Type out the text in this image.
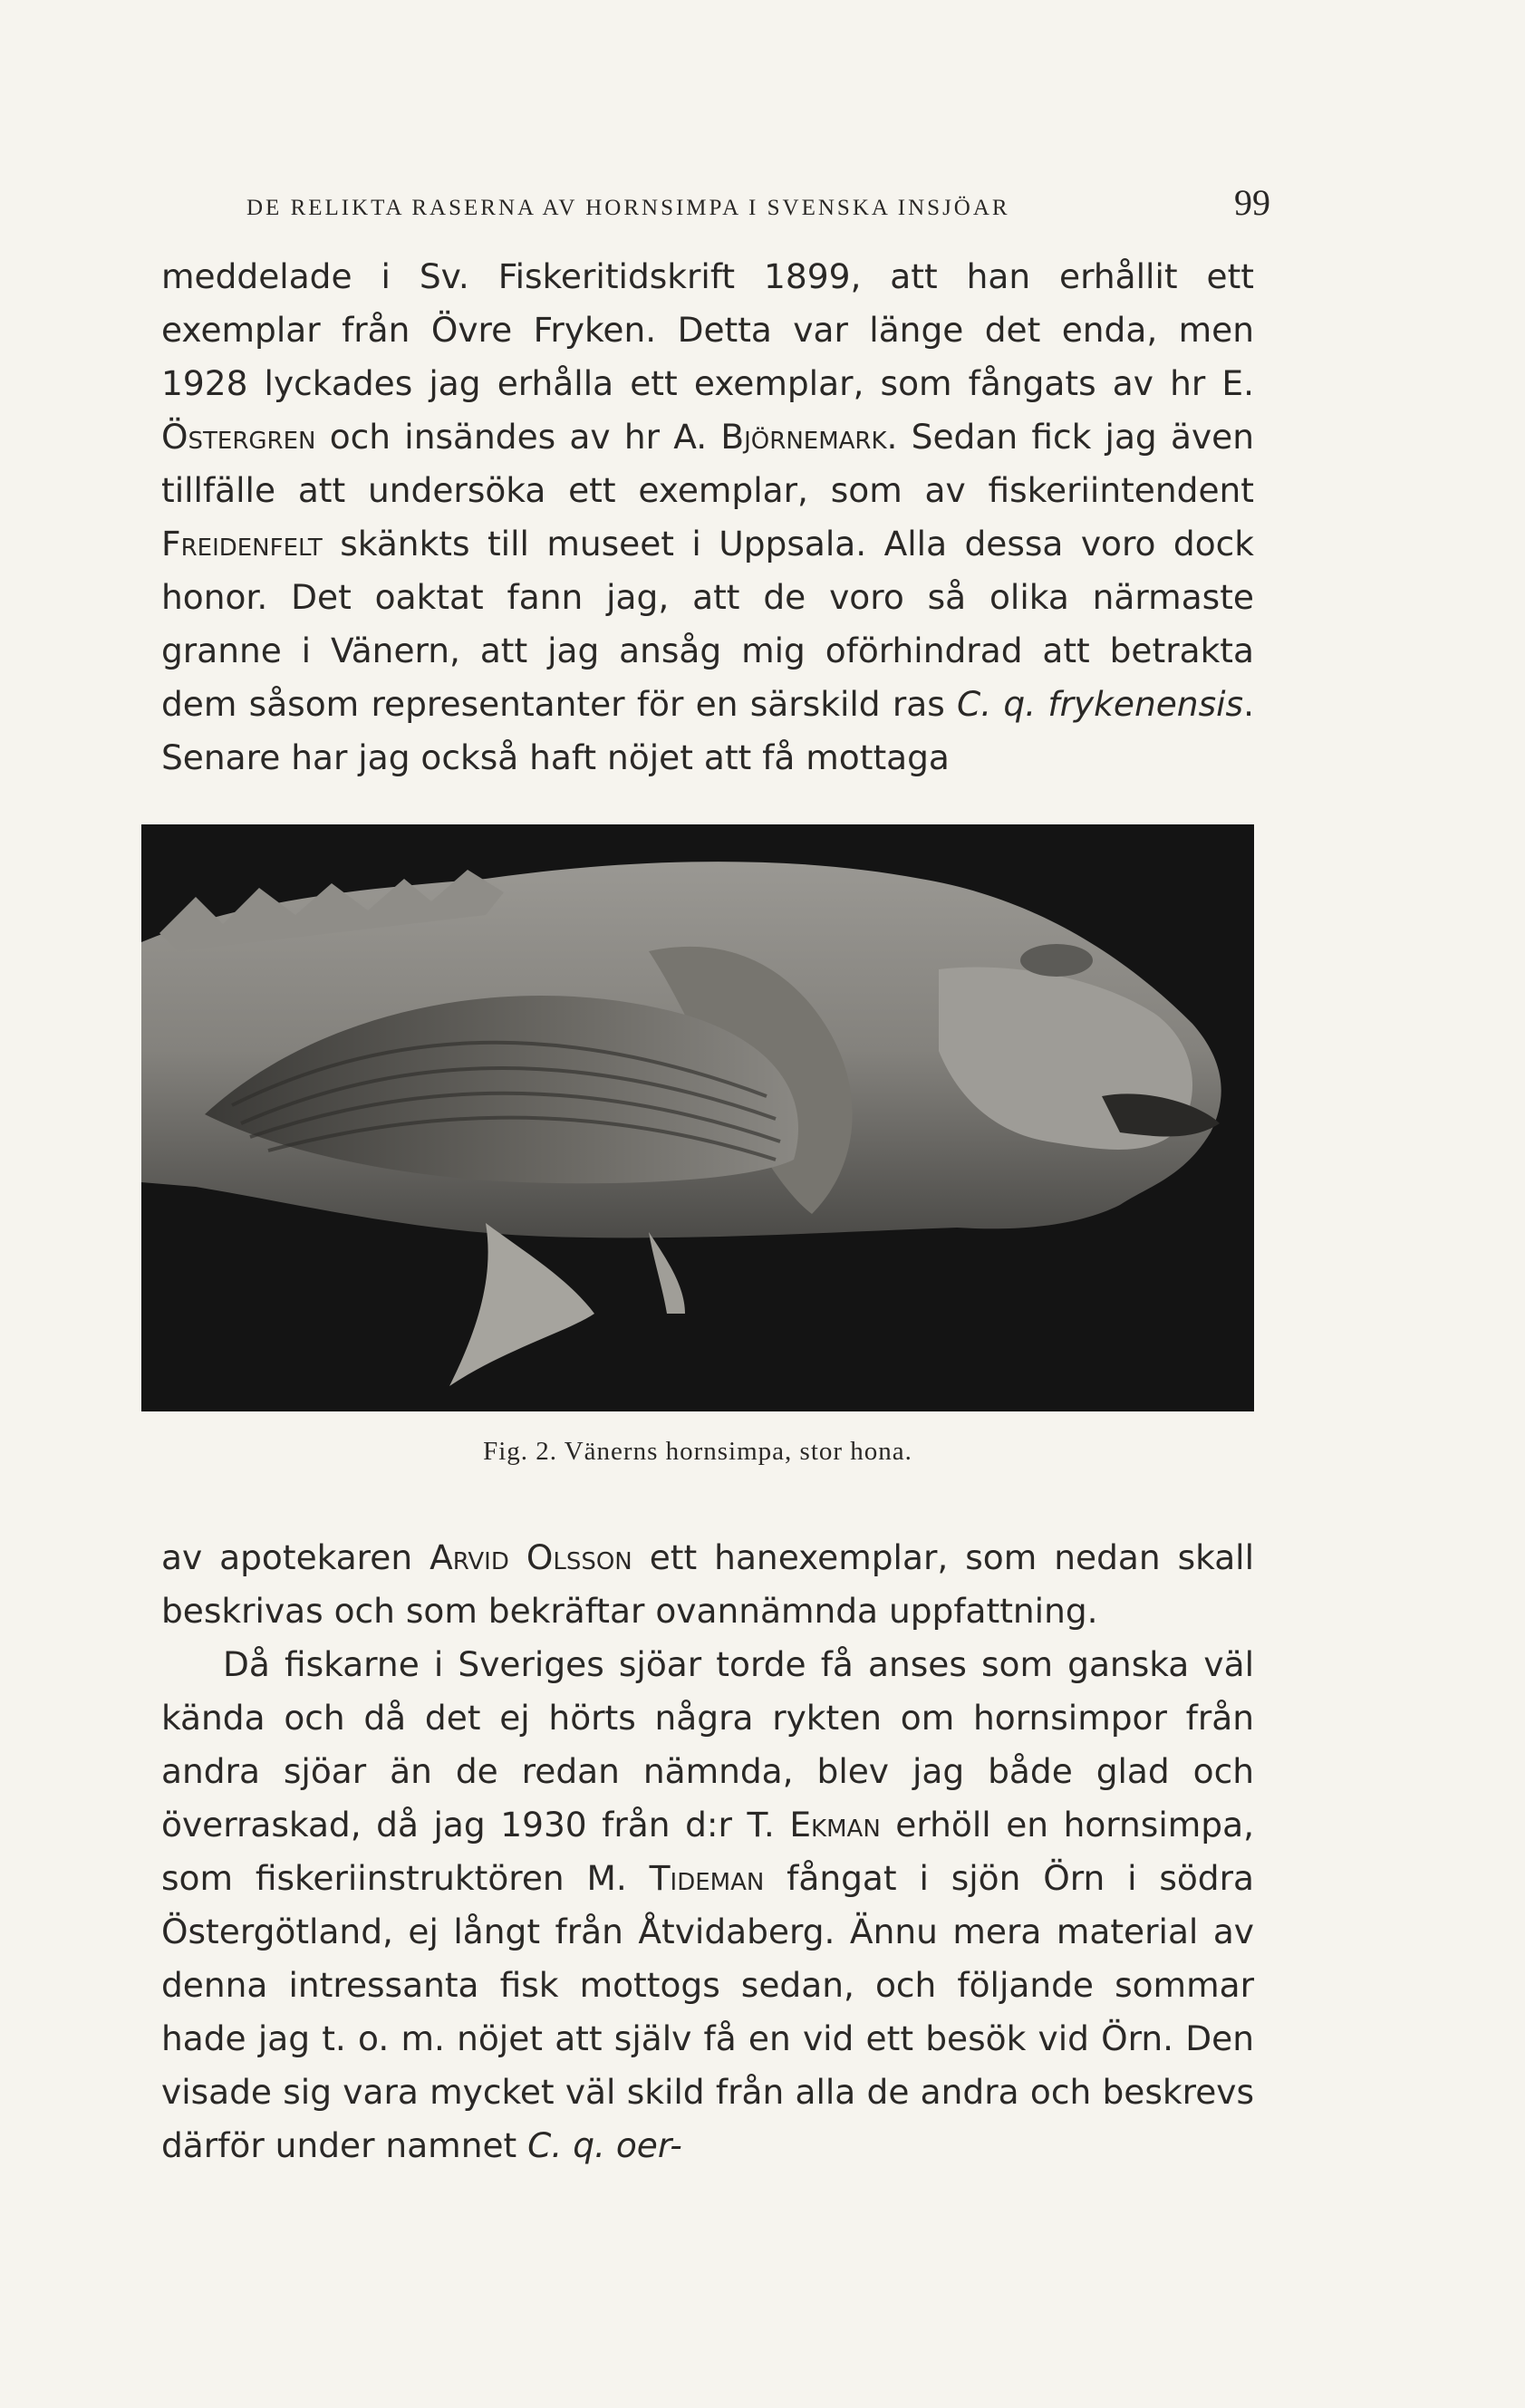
DE RELIKTA RASERNA AV HORNSIMPA I SVENSKA INSJÖAR	99

meddelade i Sv. Fiskeritidskrift 1899, att han erhållit ett exemplar från Övre Fryken. Detta var länge det enda, men 1928 lyckades jag erhålla ett exemplar, som fångats av hr E. Östergren och insändes av hr A. Björnemark. Sedan fick jag även tillfälle att undersöka ett exemplar, som av fiskeriintendent Freidenfelt skänkts till museet i Uppsala. Alla dessa voro dock honor. Det oaktat fann jag, att de voro så olika närmaste granne i Vänern, att jag ansåg mig oförhindrad att betrakta dem såsom representanter för en särskild ras C. q. frykenensis. Senare har jag också haft nöjet att få mottaga

Fig. 2. Vänerns hornsimpa, stor hona.
av apotekaren Arvid Olsson ett hanexemplar, som nedan skall beskrivas och som bekräftar ovannämnda uppfattning.
Då fiskarne i Sveriges sjöar torde få anses som ganska väl kända och då det ej hörts några rykten om hornsimpor från andra sjöar än de redan nämnda, blev jag både glad och överraskad, då jag 1930 från d:r T. Ekman erhöll en hornsimpa, som fiskeriinstruktören M. Tideman fångat i sjön Örn i södra Östergötland, ej långt från Åtvidaberg. Ännu mera material av denna intressanta fisk mottogs sedan, och följande sommar hade jag t. o. m. nöjet att själv få en vid ett besök vid Örn. Den visade sig vara mycket väl skild från alla de andra och beskrevs därför under namnet C. q. oer-
